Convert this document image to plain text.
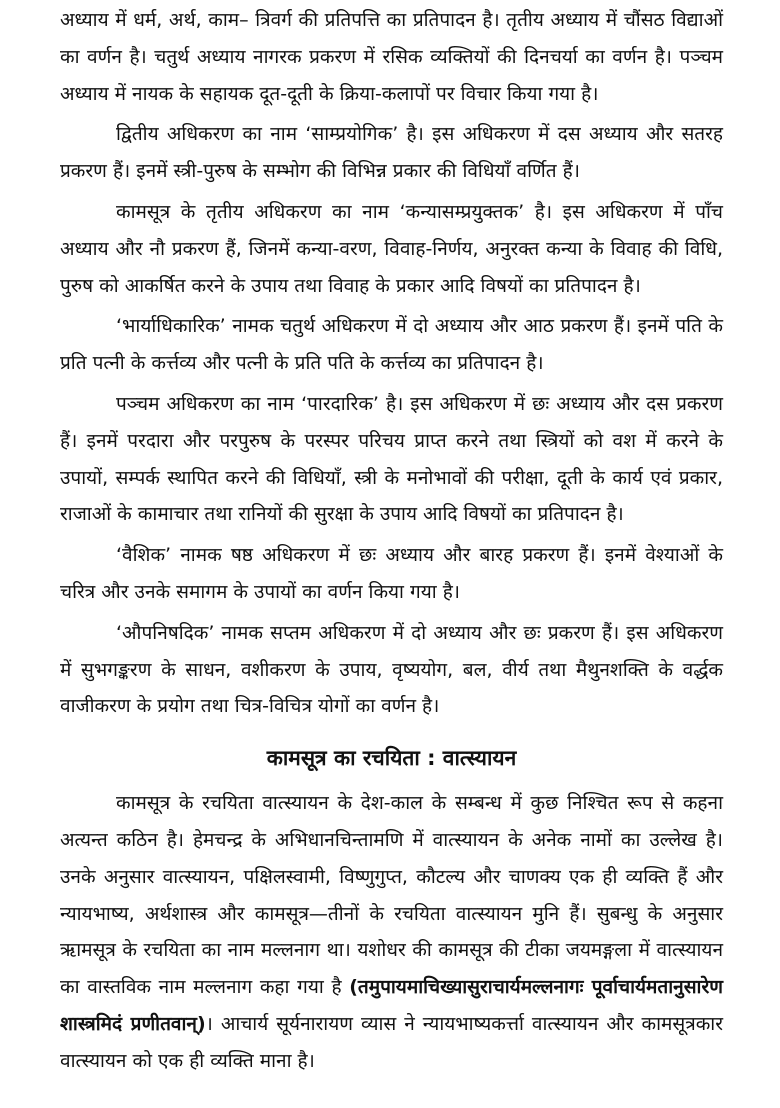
अध्याय में धर्म, अर्थ, काम– त्रिवर्ग की प्रतिपत्ति का प्रतिपादन है। तृतीय अध्याय में चौंसठ विद्याओं का वर्णन है। चतुर्थ अध्याय नागरक प्रकरण में रसिक व्यक्तियों की दिनचर्या का वर्णन है। पञ्चम अध्याय में नायक के सहायक दूत-दूती के क्रिया-कलापों पर विचार किया गया है।

द्वितीय अधिकरण का नाम ‘साम्प्रयोगिक’ है। इस अधिकरण में दस अध्याय और सतरह प्रकरण हैं। इनमें स्त्री-पुरुष के सम्भोग की विभिन्न प्रकार की विधियाँ वर्णित हैं।

कामसूत्र के तृतीय अधिकरण का नाम ‘कन्यासम्प्रयुक्तक’ है। इस अधिकरण में पाँच अध्याय और नौ प्रकरण हैं, जिनमें कन्या-वरण, विवाह-निर्णय, अनुरक्त कन्या के विवाह की विधि, पुरुष को आकर्षित करने के उपाय तथा विवाह के प्रकार आदि विषयों का प्रतिपादन है।

‘भार्याधिकारिक’ नामक चतुर्थ अधिकरण में दो अध्याय और आठ प्रकरण हैं। इनमें पति के प्रति पत्नी के कर्त्तव्य और पत्नी के प्रति पति के कर्त्तव्य का प्रतिपादन है।

पञ्चम अधिकरण का नाम ‘पारदारिक’ है। इस अधिकरण में छः अध्याय और दस प्रकरण हैं। इनमें परदारा और परपुरुष के परस्पर परिचय प्राप्त करने तथा स्त्रियों को वश में करने के उपायों, सम्पर्क स्थापित करने की विधियाँ, स्त्री के मनोभावों की परीक्षा, दूती के कार्य एवं प्रकार, राजाओं के कामाचार तथा रानियों की सुरक्षा के उपाय आदि विषयों का प्रतिपादन है।

‘वैशिक’ नामक षष्ठ अधिकरण में छः अध्याय और बारह प्रकरण हैं। इनमें वेश्याओं के चरित्र और उनके समागम के उपायों का वर्णन किया गया है।

‘औपनिषदिक’ नामक सप्तम अधिकरण में दो अध्याय और छः प्रकरण हैं। इस अधिकरण में सुभगङ्करण के साधन, वशीकरण के उपाय, वृष्ययोग, बल, वीर्य तथा मैथुनशक्ति के वर्द्धक वाजीकरण के प्रयोग तथा चित्र-विचित्र योगों का वर्णन है।

कामसूत्र का रचयिता : वात्स्यायन

कामसूत्र के रचयिता वात्स्यायन के देश-काल के सम्बन्ध में कुछ निश्चित रूप से कहना अत्यन्त कठिन है। हेमचन्द्र के अभिधानचिन्तामणि में वात्स्यायन के अनेक नामों का उल्लेख है। उनके अनुसार वात्स्यायन, पक्षिलस्वामी, विष्णुगुप्त, कौटल्य और चाणक्य एक ही व्यक्ति हैं और न्यायभाष्य, अर्थशास्त्र और कामसूत्र—तीनों के रचयिता वात्स्यायन मुनि हैं। सुबन्धु के अनुसार ऋामसूत्र के रचयिता का नाम मल्लनाग था। यशोधर की कामसूत्र की टीका जयमङ्गला में वात्स्यायन का वास्तविक नाम मल्लनाग कहा गया है (तमुपायमाचिख्यासुराचार्यमल्लनागः पूर्वाचार्यमतानुसारेण शास्त्रमिदं प्रणीतवान्)। आचार्य सूर्यनारायण व्यास ने न्यायभाष्यकर्त्ता वात्स्यायन और कामसूत्रकार वात्स्यायन को एक ही व्यक्ति माना है।
